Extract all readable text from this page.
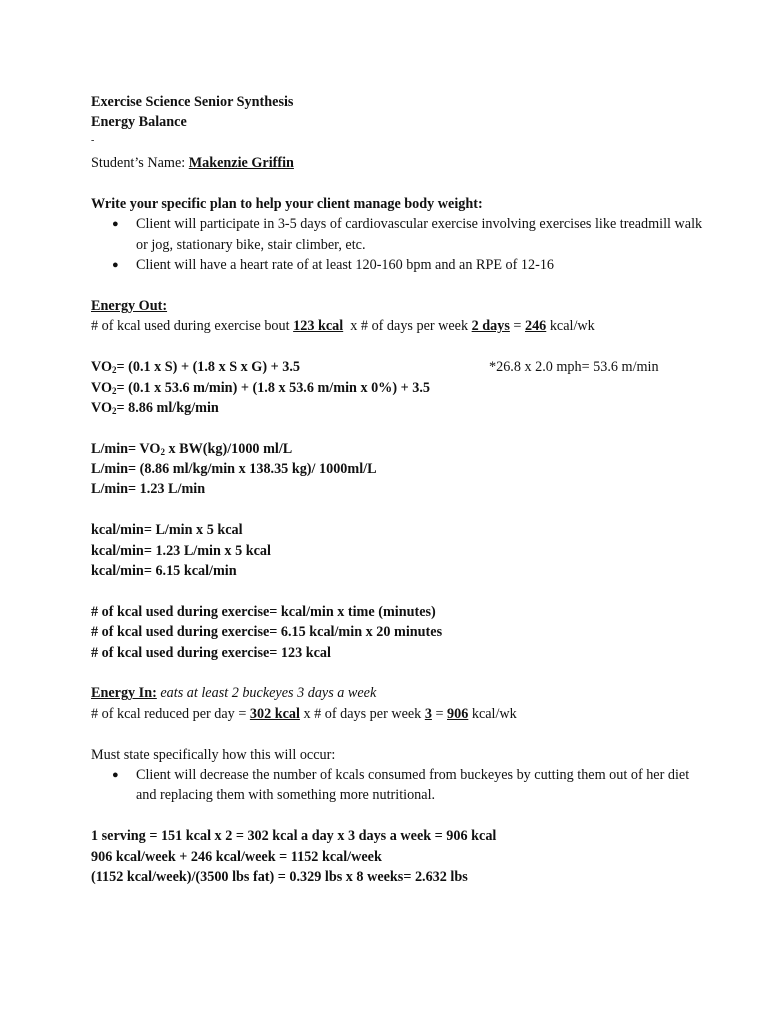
Exercise Science Senior Synthesis
Energy Balance
-
Student’s Name: Makenzie Griffin
Write your specific plan to help your client manage body weight:
● Client will participate in 3-5 days of cardiovascular exercise involving exercises like treadmill walk or jog, stationary bike, stair climber, etc.
● Client will have a heart rate of at least 120-160 bpm and an RPE of 12-16
Energy Out:
# of kcal used during exercise bout 123 kcal  x # of days per week 2 days = 246 kcal/wk
$VO_2= (0.1$ x S) + (1.8 x S x G) + 3.5	*26.8 x 2.0 mph= 53.6 m/min
$VO_2= (0.1$ x 53.6 m/min) + (1.8 x 53.6 m/min x 0%) + 3.5
$VO_2= 8.86$ ml/kg/min
$L/\min= VO_2$ x BW(kg)/1000 ml/L
L/min= (8.86 ml/kg/min x 138.35 kg)/ 1000ml/L
L/min= 1.23 L/min
kcal/min= L/min x 5 kcal
kcal/min= 1.23 L/min x 5 kcal
kcal/min= 6.15 kcal/min
# of kcal used during exercise= kcal/min x time (minutes)
# of kcal used during exercise= 6.15 kcal/min x 20 minutes
# of kcal used during exercise= 123 kcal
Energy In: eats at least 2 buckeyes 3 days a week
# of kcal reduced per day = 302 kcal x # of days per week 3 = 906 kcal/wk
Must state specifically how this will occur:
● Client will decrease the number of kcals consumed from buckeyes by cutting them out of her diet and replacing them with something more nutritional.
1 serving = 151 kcal x 2 = 302 kcal a day x 3 days a week = 906 kcal
906 kcal/week + 246 kcal/week = 1152 kcal/week
(1152 kcal/week)/(3500 lbs fat) = 0.329 lbs x 8 weeks= 2.632 lbs
